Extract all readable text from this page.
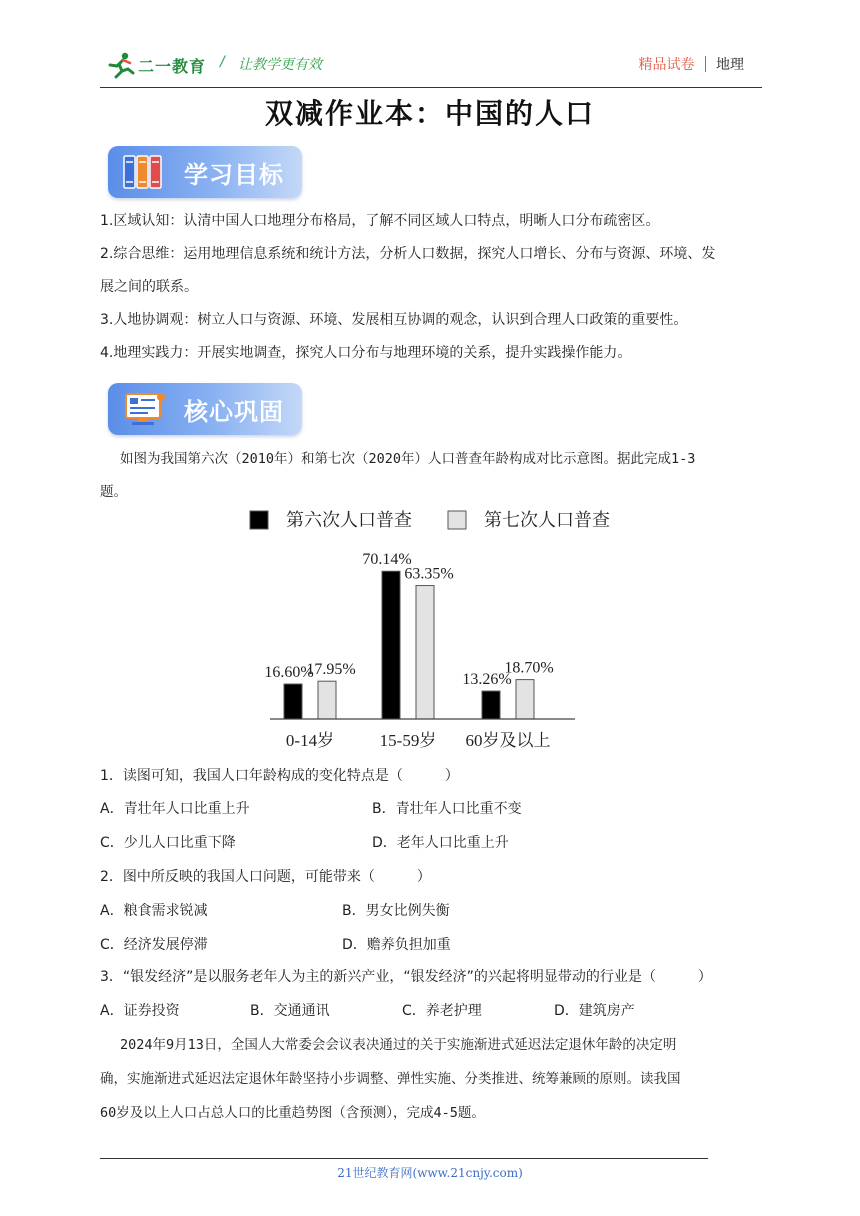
二一教育 / 让教学更有效	精品试卷 地理
双减作业本：中国的人口
学习目标
1.区域认知：认清中国人口地理分布格局，了解不同区域人口特点，明晰人口分布疏密区。
2.综合思维：运用地理信息系统和统计方法，分析人口数据，探究人口增长、分布与资源、环境、发
展之间的联系。
3.人地协调观：树立人口与资源、环境、发展相互协调的观念，认识到合理人口政策的重要性。
4.地理实践力：开展实地调查，探究人口分布与地理环境的关系，提升实践操作能力。
核心巩固
如图为我国第六次（2010年）和第七次（2020年）人口普查年龄构成对比示意图。据此完成1-3
题。
第六次人口普查	第七次人口普查
16.60%
17.95%
0-14岁
70.14%
63.35%
15-59岁
13.26%
18.70%
60岁及以上
1．读图可知，我国人口年龄构成的变化特点是（　　　）
A．青壮年人口比重上升	B．青壮年人口比重不变
C．少儿人口比重下降	D．老年人口比重上升
2．图中所反映的我国人口问题，可能带来（　　　）
A．粮食需求锐减	B．男女比例失衡
C．经济发展停滞	D．赡养负担加重
3．“银发经济”是以服务老年人为主的新兴产业，“银发经济”的兴起将明显带动的行业是（　　　）
A．证券投资	B．交通通讯	C．养老护理	D．建筑房产
2024年9月13日，全国人大常委会会议表决通过的关于实施渐进式延迟法定退休年龄的决定明
确，实施渐进式延迟法定退休年龄坚持小步调整、弹性实施、分类推进、统筹兼顾的原则。读我国
60岁及以上人口占总人口的比重趋势图（含预测），完成4-5题。
21世纪教育网(www.21cnjy.com)
